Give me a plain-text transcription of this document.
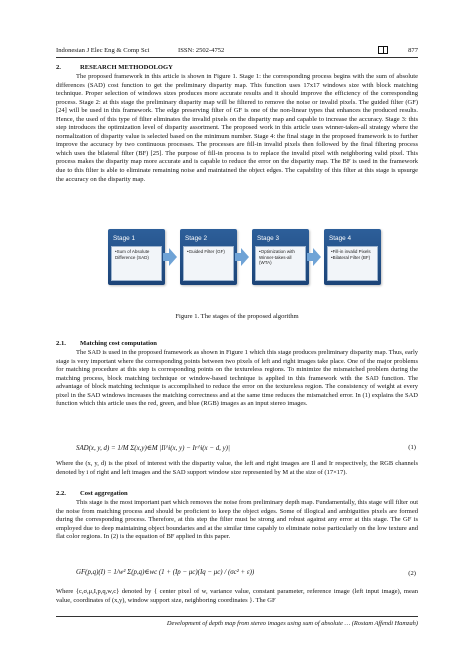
Indonesian J Elec Eng & Comp Sci	ISSN: 2502-4752	877
2.	RESEARCH METHODOLOGY

The proposed framework in this article is shown in Figure 1. Stage 1: the corresponding process begins with the sum of absolute differences (SAD) cost function to get the preliminary disparity map. This function uses 17x17 windows size with block matching technique. Proper selection of windows sizes produces more accurate results and it should improve the efficiency of the corresponding process. Stage 2: at this stage the preliminary disparity map will be filtered to remove the noise or invalid pixels. The guided filter (GF) [24] will be used in this framework. The edge preserving filter of GF is one of the non-linear types that enhances the produced results. Hence, the used of this type of filter eliminates the invalid pixels on the disparity map and capable to increase the accuracy. Stage 3: this step introduces the optimization level of disparity assortment. The proposed work in this article uses winner-takes-all strategy where the normalization of disparity value is selected based on the minimum number. Stage 4: the final stage in the proposed framework is to further improve the accuracy by two continuous processes. The processes are fill-in invalid pixels then followed by the final filtering process which uses the bilateral filter (BF) [25]. The purpose of fill-in process is to replace the invalid pixel with neighboring valid pixel. This process makes the disparity map more accurate and is capable to reduce the error on the disparity map. The BF is used in the framework due to this filter is able to eliminate remaining noise and maintained the object edges. The capability of this filter at this stage is upsurge the accuracy on the disparity map.

Stage 1
•Sum of Absolute
Difference (SAD)
Stage 2
•Guided Filter (GF)
Stage 3
•Optimization with
Winner-takes-all
(WTA)
Stage 4
•Fill-in invalid Pixels
•Bilateral Filter (BF)
Figure 1. The stages of the proposed algorithm
2.1. Matching cost computation

The SAD is used in the proposed framework as shown in Figure 1 which this stage produces preliminary disparity map. Thus, early stage is very important where the corresponding points between two pixels of left and right images take place. One of the major problems for matching procedure at this step is corresponding points on the textureless regions. To minimize the mismatched problem during the matching process, block matching technique or window-based technique is applied in this framework with the SAD function. The advantage of block matching technique is accomplished to reduce the error on the textureless region. The consistency of weight at every pixel in the SAD windows increases the matching correctness and at the same time reduces the mismatched error. In (1) explains the SAD function which this article uses the red, green, and blue (RGB) images as an input stereo images.

SAD(x, y, d) = 1/M Σ(x,y)∈M |Il^i(x, y) − Ir^i(x − d, y)|	(1)

Where the (x, y, d) is the pixel of interest with the disparity value, the left and right images are Il and Ir respectively, the RGB channels denoted by i of right and left images and the SAD support window size represented by M at the size of (17×17).

2.2. Cost aggregation

This stage is the most important part which removes the noise from preliminary depth map. Fundamentally, this stage will filter out the noise from matching process and should be proficient to keep the object edges. Some of illogical and ambiguities pixels are formed during the corresponding process. Therefore, at this step the filter must be strong and robust against any error at this stage. The GF is employed due to deep maintaining object boundaries and at the similar time capably to eliminate noise particularly on the low texture and flat color regions. In (2) is the equation of BF applied in this paper.

GF(p,q)(I) = 1/w² Σ(p,q)∈wc (1 + (Ip − μc)(Iq − μc) / (σc² + ε))	(2)

Where {c,σ,μ,I,p,q,w,c} denoted by { center pixel of w, variance value, constant parameter, reference image (left input image), mean value, coordinates of (x,y), window support size, neighboring coordinates }. The GF

Development of depth map from stereo images using sum of absolute … (Rostam Affendi Hamzah)
